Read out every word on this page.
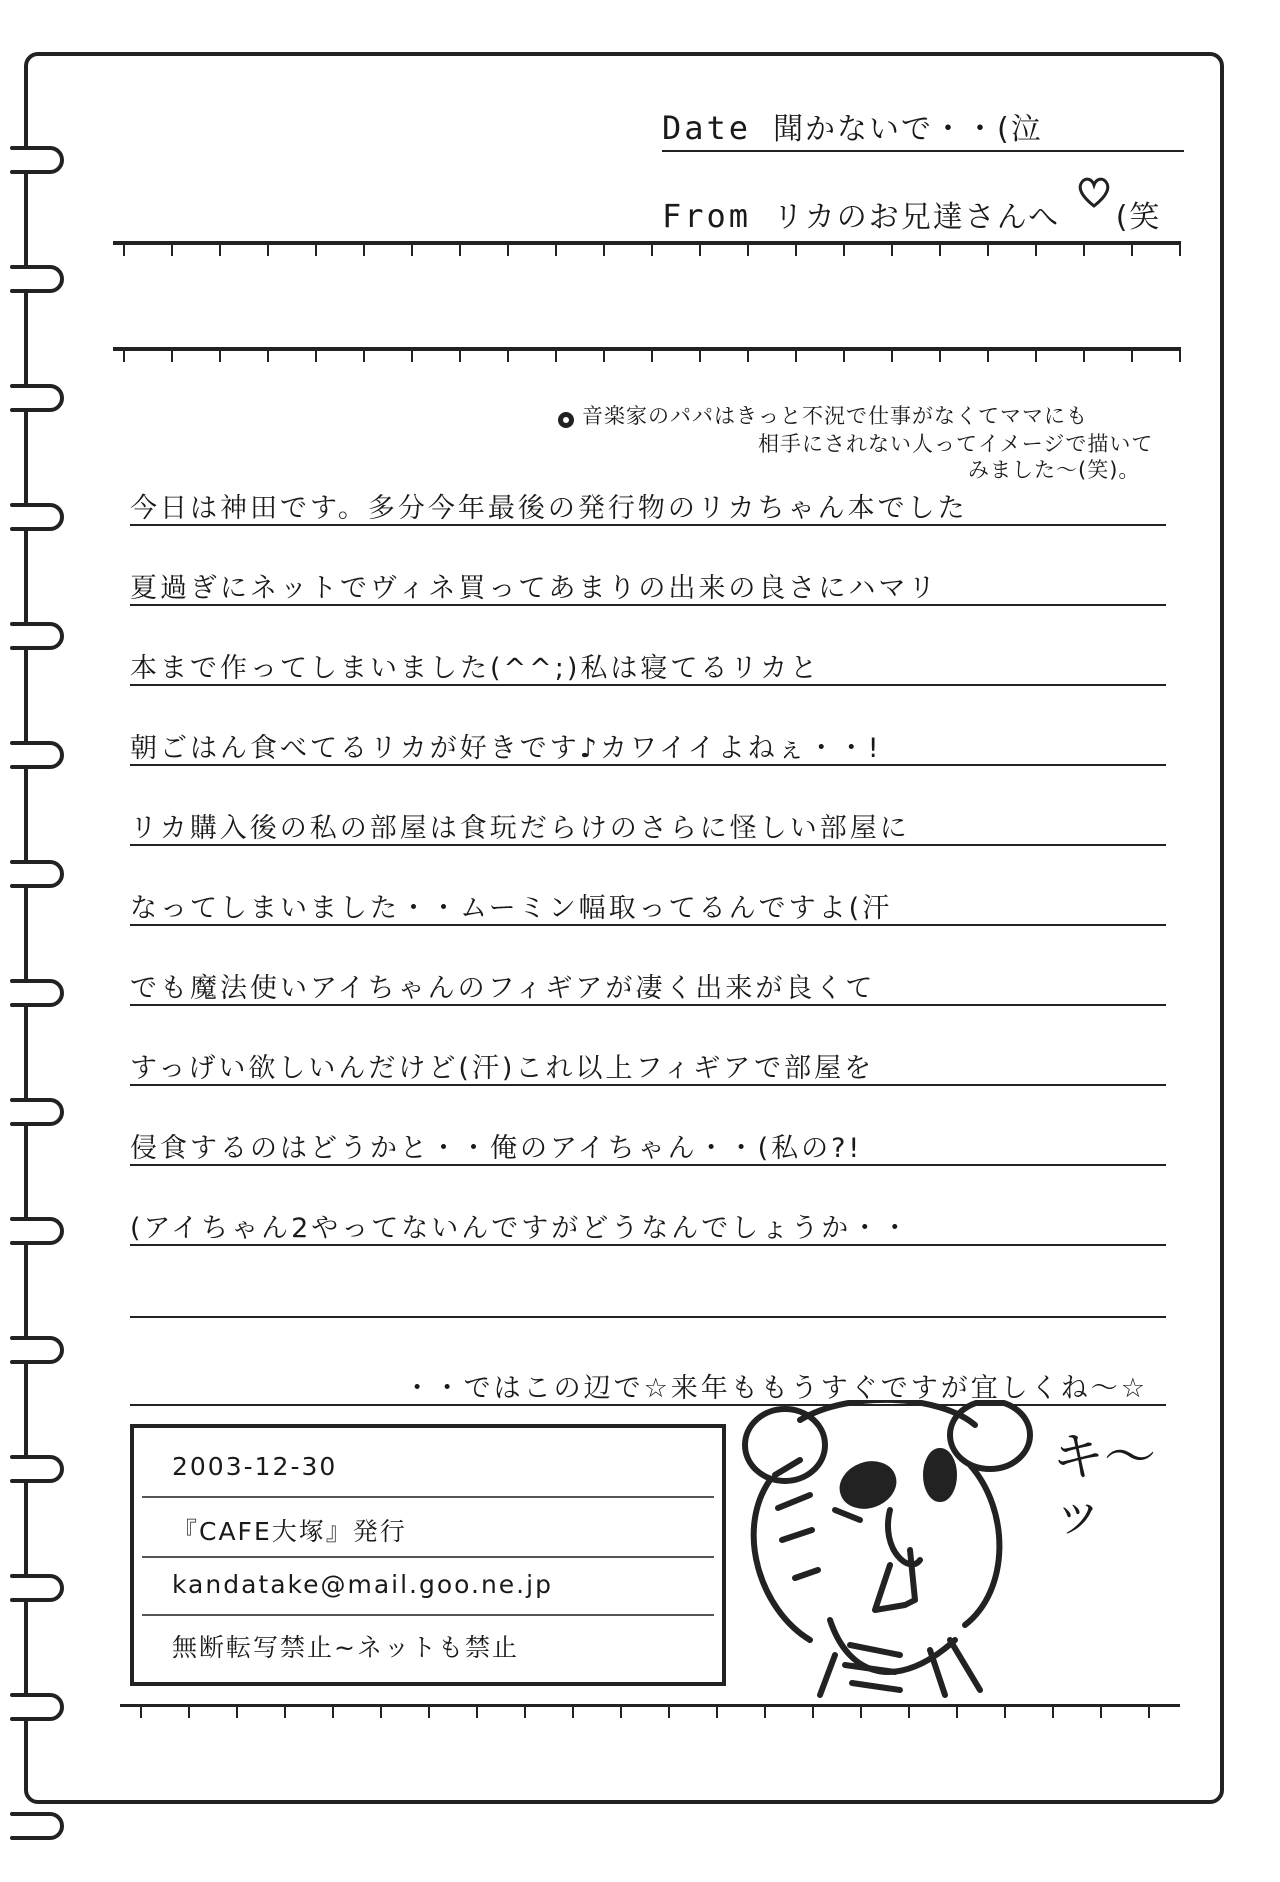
Date 聞かないで・・(泣
From リカのお兄達さんへ (笑
音楽家のパパはきっと不況で仕事がなくてママにも
相手にされない人ってイメージで描いて
みました〜(笑)。
今日は神田です。多分今年最後の発行物のリカちゃん本でした
夏過ぎにネットでヴィネ買ってあまりの出来の良さにハマリ
本まで作ってしまいました(^^;)私は寝てるリカと
朝ごはん食べてるリカが好きです♪カワイイよねぇ・・!
リカ購入後の私の部屋は食玩だらけのさらに怪しい部屋に
なってしまいました・・ムーミン幅取ってるんですよ(汗
でも魔法使いアイちゃんのフィギアが凄く出来が良くて
すっげい欲しいんだけど(汗)これ以上フィギアで部屋を
侵食するのはどうかと・・俺のアイちゃん・・(私の?!
(アイちゃん2やってないんですがどうなんでしょうか・・
・・ではこの辺で☆来年ももうすぐですが宜しくね〜☆
2003-12-30
『CAFE大塚』発行
kandatake@mail.goo.ne.jp
無断転写禁止~ネットも禁止
キ〜ッ
